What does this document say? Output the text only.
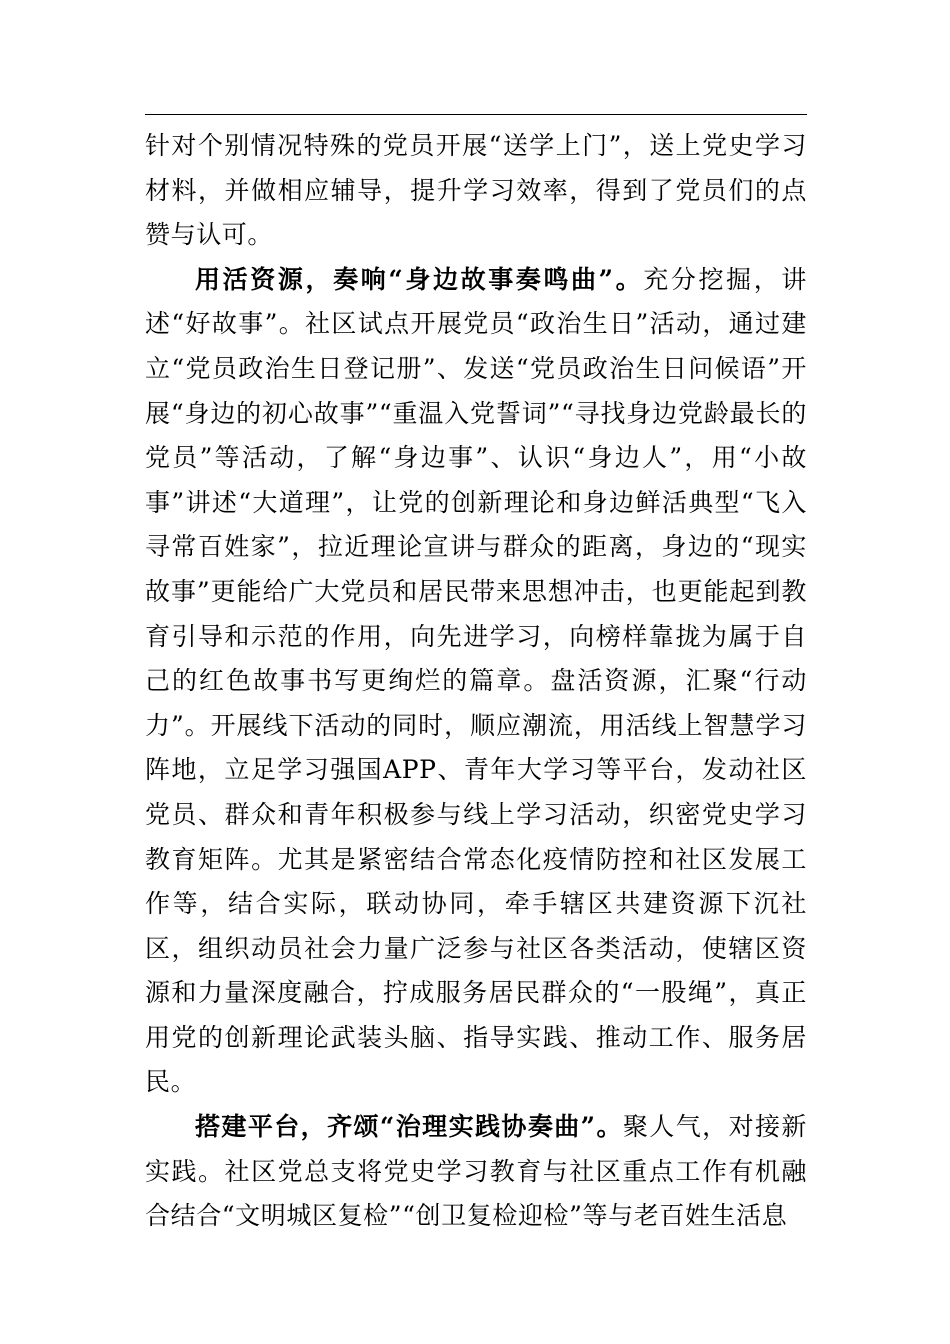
针对个别情况特殊的党员开展“送学上门”，送上党史学习材料，并做相应辅导，提升学习效率，得到了党员们的点赞与认可。

用活资源，奏响“身边故事奏鸣曲”。充分挖掘，讲述“好故事”。社区试点开展党员“政治生日”活动，通过建立“党员政治生日登记册”、发送“党员政治生日问候语”开展“身边的初心故事”“重温入党誓词”“寻找身边党龄最长的党员”等活动，了解“身边事”、认识“身边人”，用“小故事”讲述“大道理”，让党的创新理论和身边鲜活典型“飞入寻常百姓家”，拉近理论宣讲与群众的距离，身边的“现实故事”更能给广大党员和居民带来思想冲击，也更能起到教育引导和示范的作用，向先进学习，向榜样靠拢为属于自己的红色故事书写更绚烂的篇章。盘活资源，汇聚“行动力”。开展线下活动的同时，顺应潮流，用活线上智慧学习阵地，立足学习强国APP、青年大学习等平台，发动社区党员、群众和青年积极参与线上学习活动，织密党史学习教育矩阵。尤其是紧密结合常态化疫情防控和社区发展工作等，结合实际，联动协同，牵手辖区共建资源下沉社区，组织动员社会力量广泛参与社区各类活动，使辖区资源和力量深度融合，拧成服务居民群众的“一股绳”，真正用党的创新理论武装头脑、指导实践、推动工作、服务居民。

搭建平台，齐颂“治理实践协奏曲”。聚人气，对接新实践。社区党总支将党史学习教育与社区重点工作有机融合结合“文明城区复检”“创卫复检迎检”等与老百姓生活息
